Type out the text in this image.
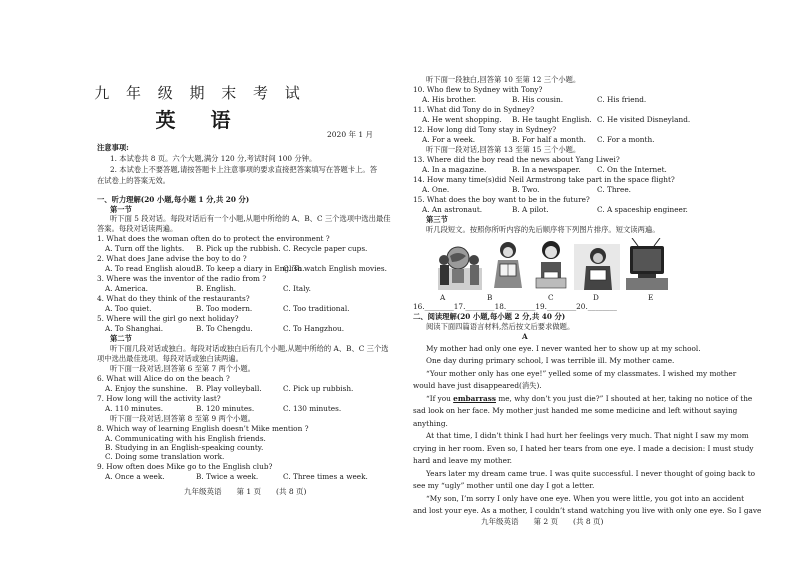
九 年 级 期 末 考 试
英 语
2020 年 1 月
注意事项:
1. 本试卷共 8 页。六个大题,满分 120 分,考试时间 100 分钟。
2. 本试卷上不要答题,请按答题卡上注意事项的要求直接把答案填写在答题卡上。答
在试卷上的答案无效。
一、听力理解(20 小题,每小题 1 分,共 20 分)
第一节
听下面 5 段对话。每段对话后有一个小题,从题中所给的 A、B、C 三个选项中选出最佳
答案。每段对话读两遍。
1. What does the woman often do to protect the environment ?
A. Turn off the lights. B. Pick up the rubbish. C. Recycle paper cups.
2. What does Jane advise the boy to do ?
A. To read English aloud.
B. To keep a diary in English.
C. To watch English movies.
3. Where was the inventor of the radio from ?
A. America.	B. English.	C. Italy.
4. What do they think of the restaurants?
A. Too quiet.	B. Too modern.	C. Too traditional.
5. Where will the girl go next holiday?
A. To Shanghai.	B. To Chengdu.	C. To Hangzhou.
第二节
听下面几段对话或独白。每段对话或独白后有几个小题,从题中所给的 A、B、C 三个选
项中选出最佳选项。每段对话或独白读两遍。
听下面一段对话,回答第 6 至第 7 两个小题。
6. What will Alice do on the beach ?
A. Enjoy the sunshine. B. Play volleyball.	C. Pick up rubbish.
7. How long will the activity last?
A. 110 minutes.	B. 120 minutes.	C. 130 minutes.
听下面一段对话,回答第 8 至第 9 两个小题。
8. Which way of learning English doesn’t Mike mention ?
A. Communicating with his English friends.
B. Studying in an English-speaking county.
C. Doing some translation work.
9. How often does Mike go to the English club?
A. Once a week.	B. Twice a week.	C. Three times a week.
九年级英语　　第 1 页　　(共 8 页)
听下面一段独白,回答第 10 至第 12 三个小题。
10. Who flew to Sydney with Tony?
A. His brother.	B. His cousin.	C. His friend.
11. What did Tony do in Sydney?
A. He went shopping. B. He taught English. C. He visited Disneyland.
12. How long did Tony stay in Sydney?
A. For a week.	B. For half a month. C. For a month.
听下面一段对话,回答第 13 至第 15 三个小题。
13. Where did the boy read the news about Yang Liwei?
A. In a magazine.	B. In a newspaper. C. On the Internet.
14. How many time(s)did Neil Armstrong take part in the space flight?
A. One.	B. Two.	C. Three.
15. What does the boy want to be in the future?
A. An astronaut.	B. A pilot.	C. A spaceship engineer.
第三节
听几段短文。按照你所听内容的先后顺序将下列图片排序。短文读两遍。
A	B	C	D	E
16.________17.________18.________19.________20.________
二、阅读理解(20 小题,每小题 2 分,共 40 分)
阅读下面四篇语言材料,然后按文后要求做题。
A
My mother had only one eye. I never wanted her to show up at my school.
One day during primary school, I was terrible ill. My mother came.
“Your mother only has one eye!” yelled some of my classmates. I wished my mother
would have just disappeared(消失).
“If you embarrass me, why don’t you just die?” I shouted at her, taking no notice of the
sad look on her face. My mother just handed me some medicine and left without saying
anything.
At that time, I didn’t think I had hurt her feelings very much. That night I saw my mom
crying in her room. Even so, I hated her tears from one eye. I made a decision: I must study
hard and leave my mother.
Years later my dream came true. I was quite successful. I never thought of going back to
see my “ugly” mother until one day I got a letter.
“My son, I’m sorry I only have one eye. When you were little, you got into an accident
and lost your eye. As a mother, I couldn’t stand watching you live with only one eye. So I gave
九年级英语　　第 2 页　　(共 8 页)
